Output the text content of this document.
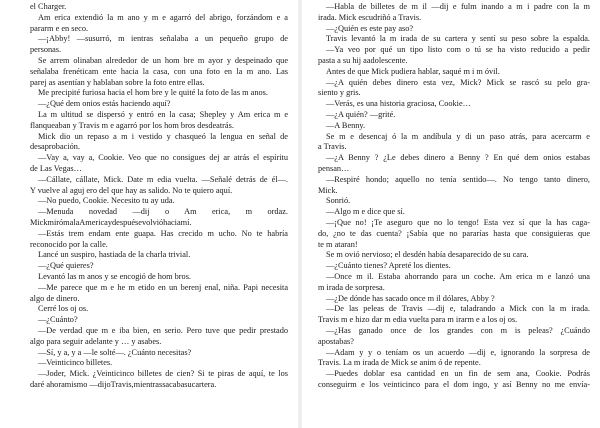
el Charger.
Am erica extendió la m ano y m e agarró del abrigo, forzándom e a
pararm e en seco.
—¡Abby! —susurró, m ientras señalaba a un pequeño grupo de
personas.
Se arrem olinaban alrededor de un hom bre m ayor y despeinado que
señalaba frenéticam ente hacia la casa, con una foto en la m ano. Las
parej as asentían y hablaban sobre la foto entre ellas.
Me precipité furiosa hacia el hom bre y le quité la foto de las m anos.
—¿Qué dem onios estás haciendo aquí?
La m ultitud se dispersó y entró en la casa; Shepley y Am erica m e
flanqueaban y Travis m e agarró por los hom bros desdeatrás.
Mick dio un repaso a m i vestido y chasqueó la lengua en señal de
desaprobación.
—Vay a, vay a, Cookie. Veo que no consigues dej ar atrás el espíritu
de Las Vegas…
—Cállate, cállate, Mick. Date m edia vuelta. —Señalé detrás de él—.
Y vuelve al aguj ero del que hay as salido. No te quiero aquí.
—No puedo, Cookie. Necesito tu ay uda.
—Menuda novedad —dij o Am erica, m ordaz.
MickmirómalaAmericaydespuésevolvióhaciamí.
—Estás trem endam ente guapa. Has crecido m ucho. No te habría
reconocido por la calle.
Lancé un suspiro, hastiada de la charla trivial.
—¿Qué quieres?
Levantó las m anos y se encogió de hom bros.
—Me parece que m e he m etido en un berenj enal, niña. Papi necesita
algo de dinero.
Cerré los oj os.
—¿Cuánto?
—De verdad que m e iba bien, en serio. Pero tuve que pedir prestado
algo para seguir adelante y … y asabes.
—Sí, y a, y a —le solté—. ¿Cuánto necesitas?
—Veinticinco billetes.
—Joder, Mick. ¿Veinticinco billetes de cien? Si te piras de aquí, te los
daré ahoramismo —dijoTravis,mientrassacabasucartera.
—Habla de billetes de m il —dij e fulm inando a m i padre con la m
irada. Mick escudriñó a Travis.
—¿Quién es este pay aso?
Travis levantó la m irada de su cartera y sentí su peso sobre la espalda.
—Ya veo por qué un tipo listo com o tú se ha visto reducido a pedir
pasta a su hij aadolescente.
Antes de que Mick pudiera hablar, saqué m i m óvil.
—¿A quién debes dinero esta vez, Mick? Mick se rascó su pelo gra-
siento y gris.
—Verás, es una historia graciosa, Cookie…
—¿A quién? —grité.
—A Benny.
Se m e desencaj ó la m andíbula y di un paso atrás, para acercarm e
a Travis.
—¿A Benny ? ¿Le debes dinero a Benny ? En qué dem onios estabas
pensan…
—Respiré hondo; aquello no tenía sentido—. No tengo tanto dinero,
Mick.
Sonrió.
—Algo m e dice que sí.
—¡Que no! ¡Te aseguro que no lo tengo! Esta vez sí que la has caga-
do, ¿no te das cuenta? ¡Sabía que no pararías hasta que consiguieras que
te m ataran!
Se m ovió nervioso; el desdén había desaparecido de su cara.
—¿Cuánto tienes? Apreté los dientes.
—Once m il. Estaba ahorrando para un coche. Am erica m e lanzó una
m irada de sorpresa.
—¿De dónde has sacado once m il dólares, Abby ?
—De las peleas de Travis —dij e, taladrando a Mick con la m irada.
Travis m e hizo dar m edia vuelta para m irarm e a los oj os.
—¿Has ganado once de los grandes con m is peleas? ¿Cuándo
apostabas?
—Adam y y o teníam os un acuerdo —dij e, ignorando la sorpresa de
Travis. La m irada de Mick se anim ó de repente.
—Puedes doblar esa cantidad en un fin de sem ana, Cookie. Podrás
conseguirm e los veinticinco para el dom ingo, y así Benny no me envía-
